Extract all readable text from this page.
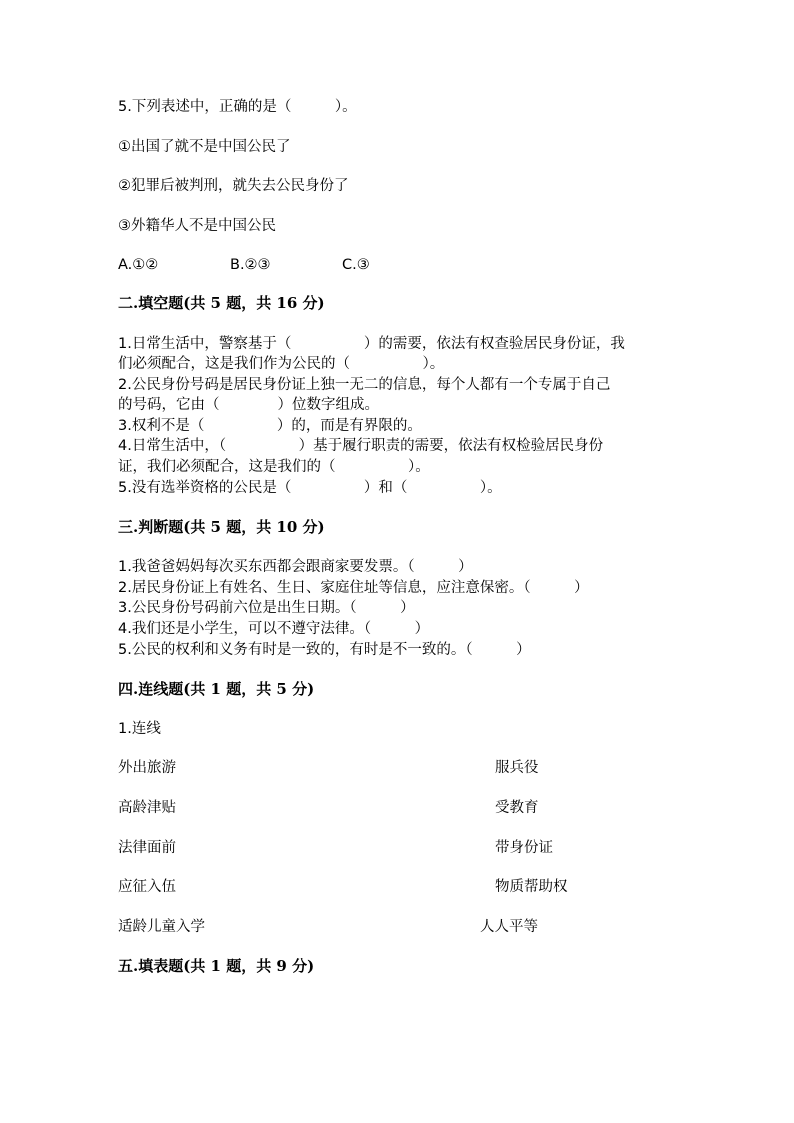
5.下列表述中，正确的是（　　　）。
①出国了就不是中国公民了
②犯罪后被判刑，就失去公民身份了
③外籍华人不是中国公民
A.①②	B.②③	C.③
二.填空题(共 5 题，共 16 分)
1.日常生活中，警察基于（　　　　　）的需要，依法有权查验居民身份证，我
们必须配合，这是我们作为公民的（　　　　　）。
2.公民身份号码是居民身份证上独一无二的信息，每个人都有一个专属于自己
的号码，它由（　　　　）位数字组成。
3.权利不是（　　　　　）的，而是有界限的。
4.日常生活中，（　　　　　）基于履行职责的需要，依法有权检验居民身份
证，我们必须配合，这是我们的（　　　　　）。
5.没有选举资格的公民是（　　　　　）和（　　　　　）。
三.判断题(共 5 题，共 10 分)
1.我爸爸妈妈每次买东西都会跟商家要发票。（　　　）
2.居民身份证上有姓名、生日、家庭住址等信息，应注意保密。（　　　）
3.公民身份号码前六位是出生日期。（　　　）
4.我们还是小学生，可以不遵守法律。（　　　）
5.公民的权利和义务有时是一致的，有时是不一致的。（　　　）
四.连线题(共 1 题，共 5 分)
1.连线
外出旅游
高龄津贴
法律面前
应征入伍
适龄儿童入学
服兵役
受教育
带身份证
物质帮助权
人人平等
五.填表题(共 1 题，共 9 分)
